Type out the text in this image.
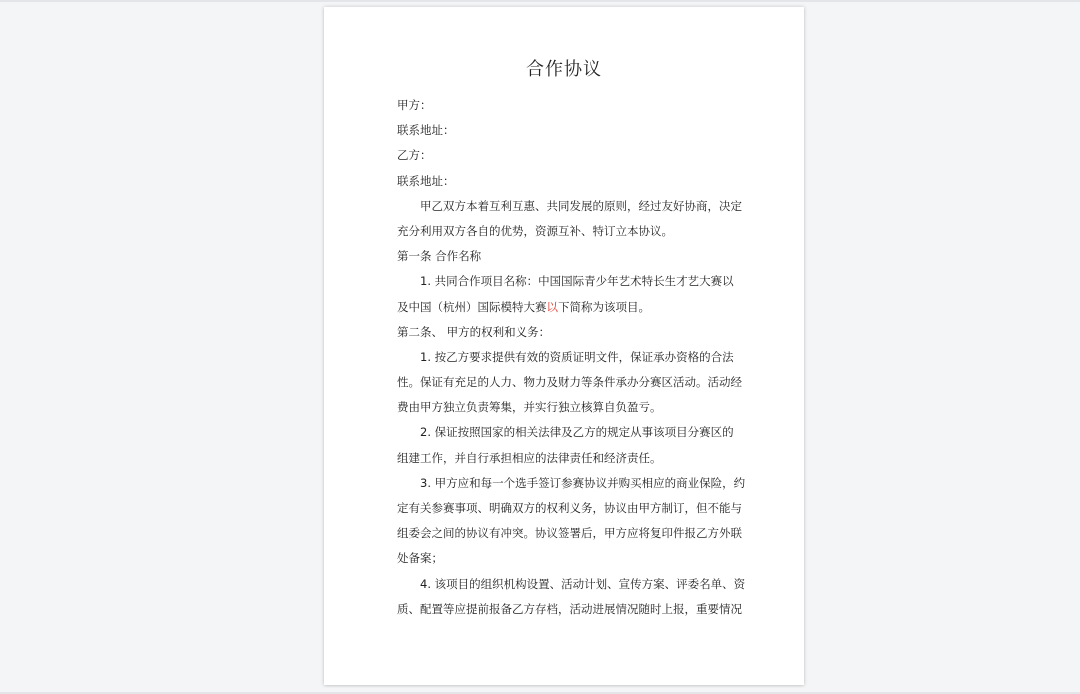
合作协议
甲方：
联系地址：
乙方：
联系地址：
甲乙双方本着互利互惠、共同发展的原则，经过友好协商，决定
充分利用双方各自的优势，资源互补、特订立本协议。
第一条 合作名称
1. 共同合作项目名称：中国国际青少年艺术特长生才艺大赛以
及中国（杭州）国际模特大赛以下简称为该项目。
第二条、 甲方的权利和义务：
1. 按乙方要求提供有效的资质证明文件，保证承办资格的合法
性。保证有充足的人力、物力及财力等条件承办分赛区活动。活动经
费由甲方独立负责筹集，并实行独立核算自负盈亏。
2. 保证按照国家的相关法律及乙方的规定从事该项目分赛区的
组建工作，并自行承担相应的法律责任和经济责任。
3. 甲方应和每一个选手签订参赛协议并购买相应的商业保险，约
定有关参赛事项、明确双方的权利义务，协议由甲方制订，但不能与
组委会之间的协议有冲突。协议签署后，甲方应将复印件报乙方外联
处备案；
4. 该项目的组织机构设置、活动计划、宣传方案、评委名单、资
质、配置等应提前报备乙方存档，活动进展情况随时上报，重要情况
